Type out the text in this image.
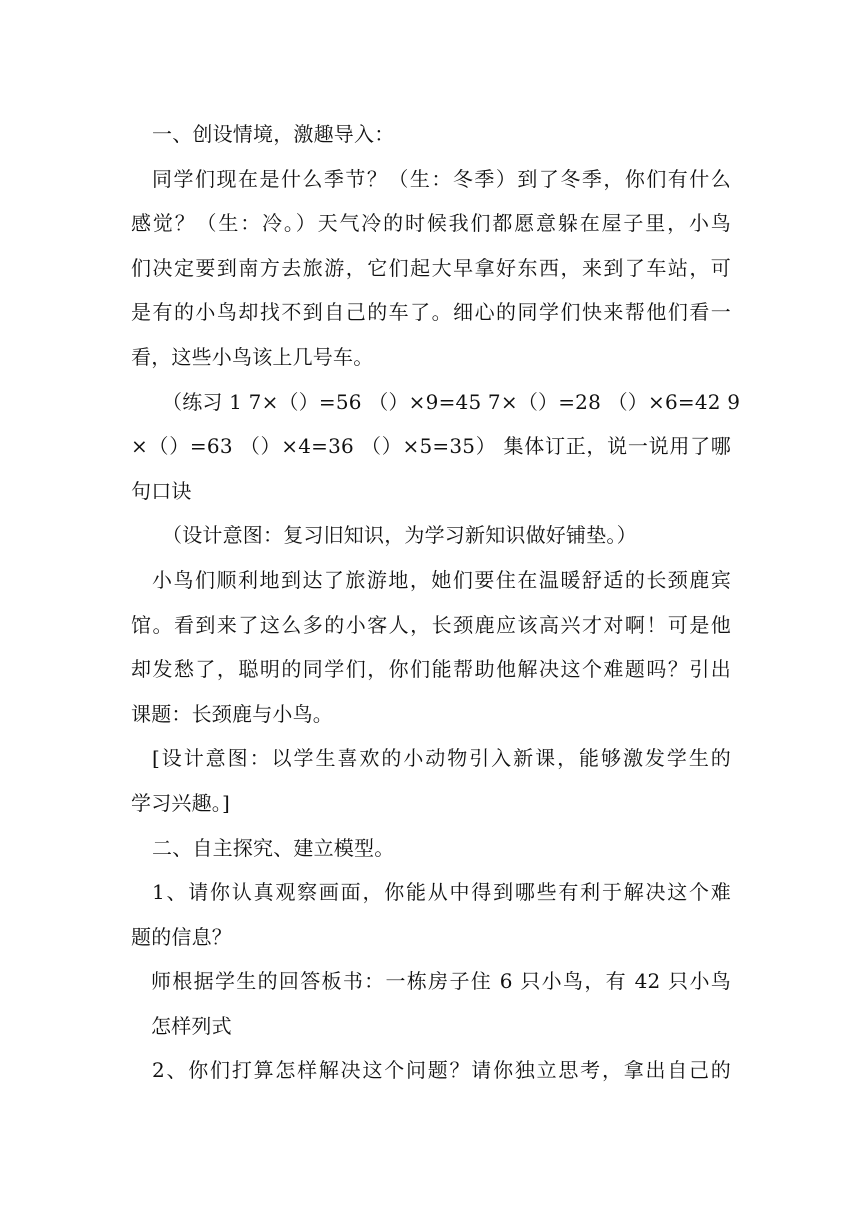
一、创设情境，激趣导入：
同学们现在是什么季节？（生：冬季）到了冬季，你们有什么
感觉？（生：冷。）天气冷的时候我们都愿意躲在屋子里，小鸟
们决定要到南方去旅游，它们起大早拿好东西，来到了车站，可
是有的小鸟却找不到自己的车了。细心的同学们快来帮他们看一
看，这些小鸟该上几号车。
（练习 1 7×（）=56 （）×9=45 7×（）=28 （）×6=42 9
×（）=63 （）×4=36 （）×5=35） 集体订正，说一说用了哪
句口诀
（设计意图：复习旧知识，为学习新知识做好铺垫。）
小鸟们顺利地到达了旅游地，她们要住在温暖舒适的长颈鹿宾
馆。看到来了这么多的小客人，长颈鹿应该高兴才对啊！可是他
却发愁了，聪明的同学们，你们能帮助他解决这个难题吗？引出
课题：长颈鹿与小鸟。
[设计意图：以学生喜欢的小动物引入新课，能够激发学生的
学习兴趣。]
二、自主探究、建立模型。
1、请你认真观察画面，你能从中得到哪些有利于解决这个难
题的信息？
师根据学生的回答板书：一栋房子住 6 只小鸟，有 42 只小鸟
怎样列式
2、你们打算怎样解决这个问题？请你独立思考，拿出自己的
